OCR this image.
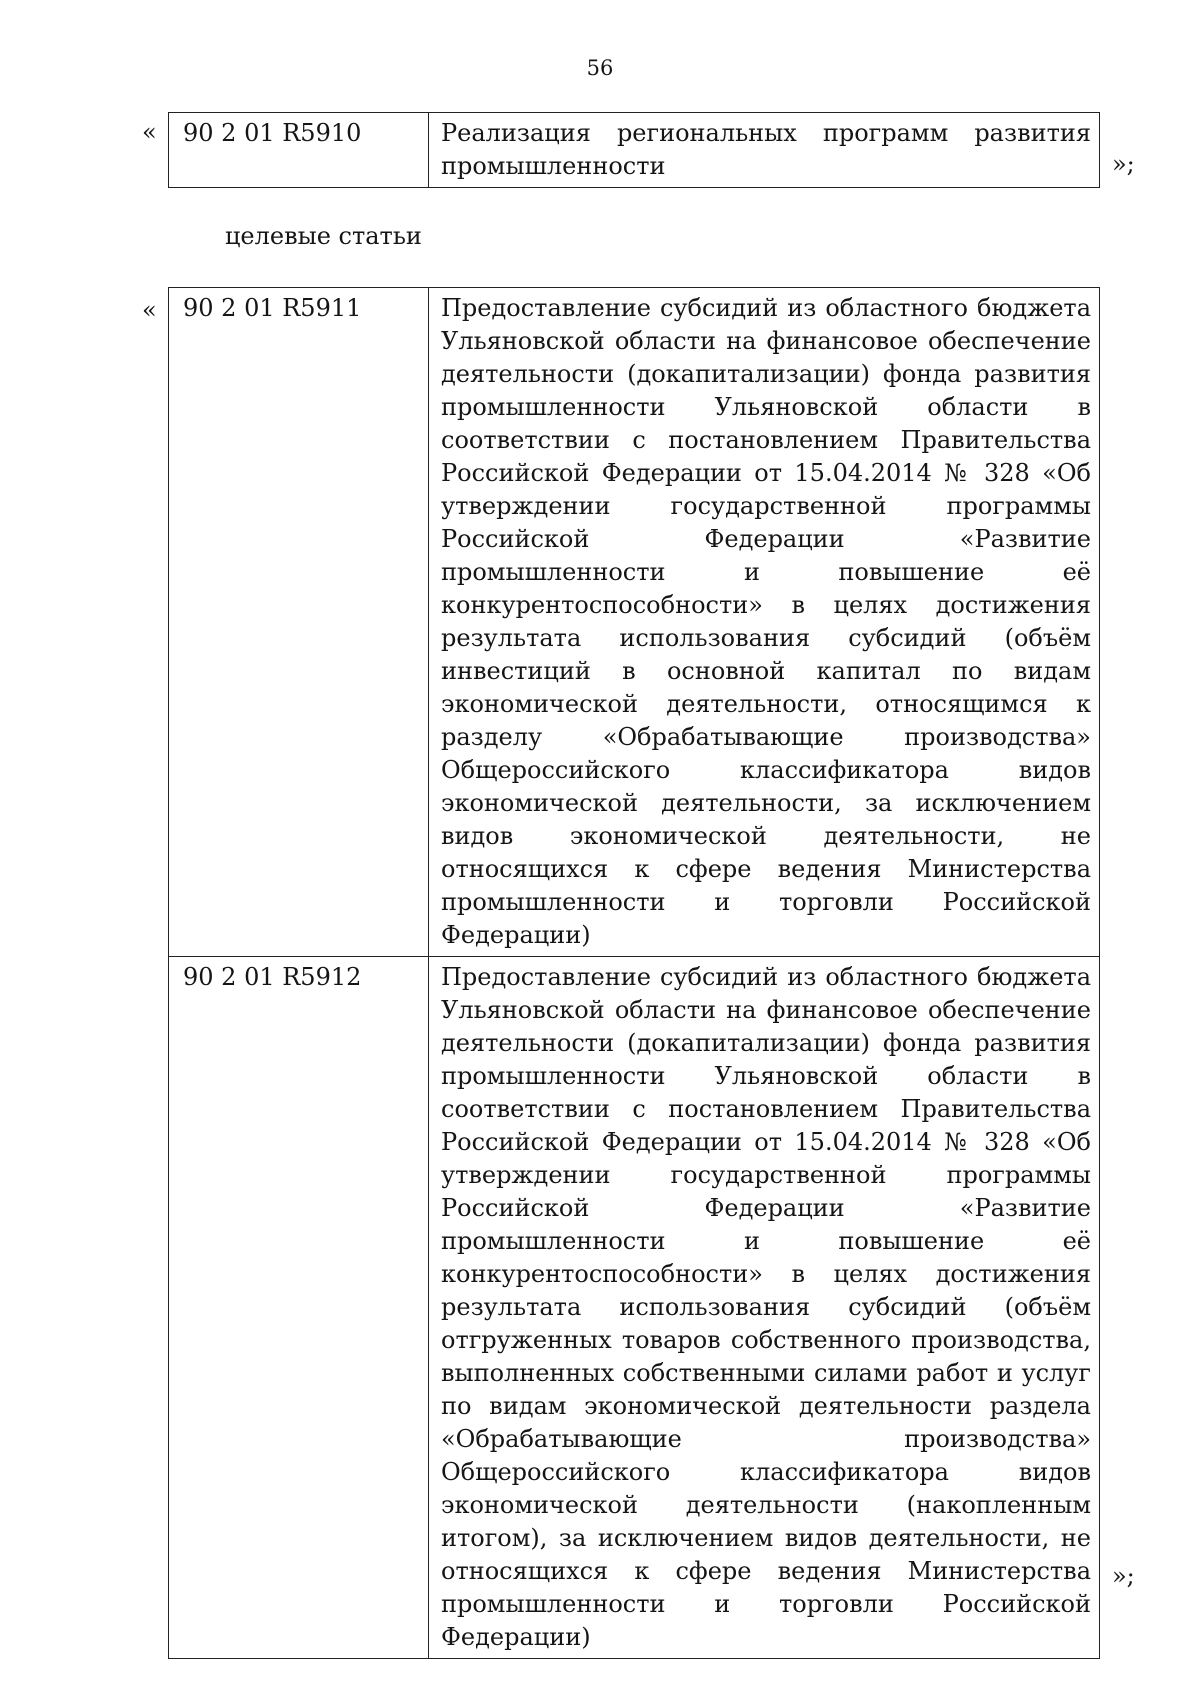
56
« 90 2 01 R5910	Реализация региональных программ развития промышленности	»;
целевые статьи
« 90 2 01 R5911	Предоставление субсидий из областного бюджета Ульяновской области на финансовое обеспечение деятельности (докапитализации) фонда развития промышленности Ульяновской области в соответствии с постановлением Правительства Российской Федерации от 15.04.2014 № 328 «Об утверждении государственной программы Российской Федерации «Развитие промышленности и повышение её конкурентоспособности» в целях достижения результата использования субсидий (объём инвестиций в основной капитал по видам экономической деятельности, относящимся к разделу «Обрабатывающие производства» Общероссийского классификатора видов экономической деятельности, за исключением видов экономической деятельности, не относящихся к сфере ведения Министерства промышленности и торговли Российской Федерации)
90 2 01 R5912	Предоставление субсидий из областного бюджета Ульяновской области на финансовое обеспечение деятельности (докапитализации) фонда развития промышленности Ульяновской области в соответствии с постановлением Правительства Российской Федерации от 15.04.2014 № 328 «Об утверждении государственной программы Российской Федерации «Развитие промышленности и повышение её конкурентоспособности» в целях достижения результата использования субсидий (объём отгруженных товаров собственного производства, выполненных собственными силами работ и услуг по видам экономической деятельности раздела «Обрабатывающие производства» Общероссийского классификатора видов экономической деятельности (накопленным итогом), за исключением видов деятельности, не относящихся к сфере ведения Министерства промышленности и торговли Российской Федерации)
»;
